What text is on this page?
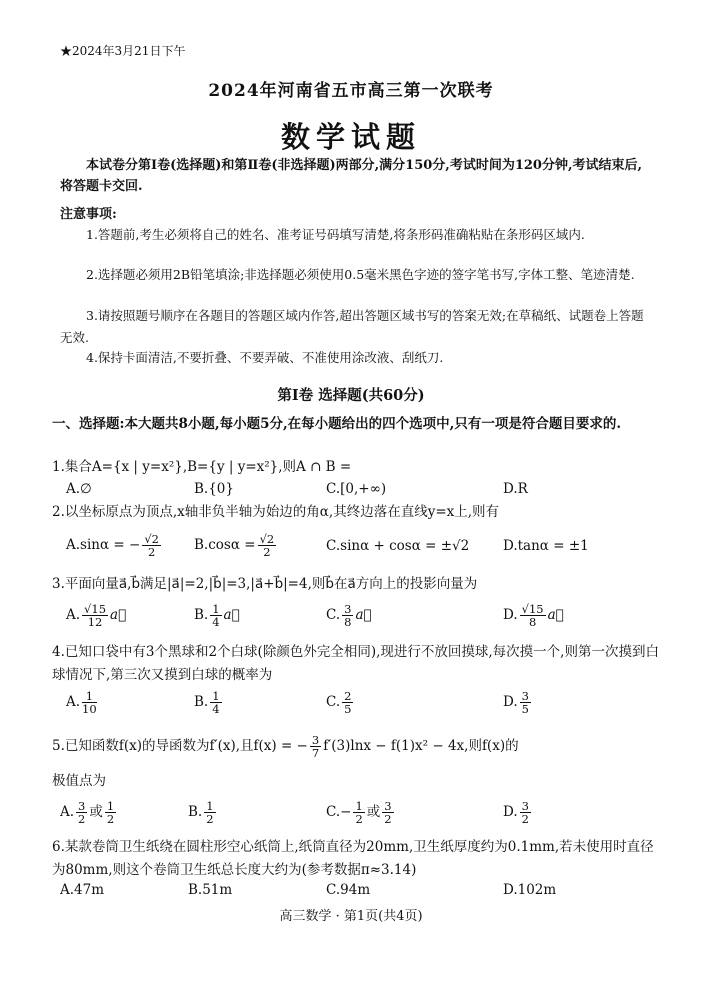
★2024年3月21日下午
2024年河南省五市高三第一次联考
数学试题
本试卷分第Ⅰ卷(选择题)和第Ⅱ卷(非选择题)两部分,满分150分,考试时间为120分钟,考试结束后,将答题卡交回.
注意事项:
1.答题前,考生必须将自己的姓名、准考证号码填写清楚,将条形码准确粘贴在条形码区域内.
2.选择题必须用2B铅笔填涂;非选择题必须使用0.5毫米黑色字迹的签字笔书写,字体工整、笔迹清楚.
3.请按照题号顺序在各题目的答题区域内作答,超出答题区域书写的答案无效;在草稿纸、试题卷上答题无效.
4.保持卡面清洁,不要折叠、不要弄破、不准使用涂改液、刮纸刀.
第Ⅰ卷 选择题(共60分)
一、选择题:本大题共8小题,每小题5分,在每小题给出的四个选项中,只有一项是符合题目要求的.
1.集合A={x | y=x²},B={y | y=x²},则A ∩ B =
A.∅	B.{0}	C.[0,+∞)	D.R
2.以坐标原点为顶点,x轴非负半轴为始边的角α,其终边落在直线y=x上,则有
A.sinα = − $\frac{√2}{2} B.\cos\alpha = \frac{√2}{2}$	C.sinα + cosα = ±√2	D.tanα = ±1
3.平面向量a⃗,b⃗满足|a⃗|=2,|b⃗|=3,|a⃗+b⃗|=4,则b⃗在a⃗方向上的投影向量为
A. $\frac{√15}{12}$ a⃗	B. $\frac{1}{4}$ a⃗	C. $\frac{3}{8}$ a⃗	D. $\frac{√15}{8}$ a⃗
4.已知口袋中有3个黑球和2个白球(除颜色外完全相同),现进行不放回摸球,每次摸一个,则第一次摸到白球情况下,第三次又摸到白球的概率为
A. $\frac{1}{10}$	B. $\frac{1}{4}$	C. $\frac{2}{5}$	D. $\frac{3}{5}$
5.已知函数f(x)的导函数为f′(x),且f(x) = − $\frac{3}{7} f'(3)\ln x - f(1)x^2 - 4x$,则f(x)的
极值点为
A. $\frac{3}{2}$ 或 $\frac{1}{2}$	B. $\frac{1}{2}$	$C.- \frac{1}{2}$ 或 $\frac{3}{2}$	D. $\frac{3}{2}$
6.某款卷筒卫生纸绕在圆柱形空心纸筒上,纸筒直径为20mm,卫生纸厚度约为0.1mm,若未使用时直径为80mm,则这个卷筒卫生纸总长度大约为(参考数据π≈3.14)
A.47m	B.51m	C.94m	D.102m
高三数学 · 第1页(共4页)
